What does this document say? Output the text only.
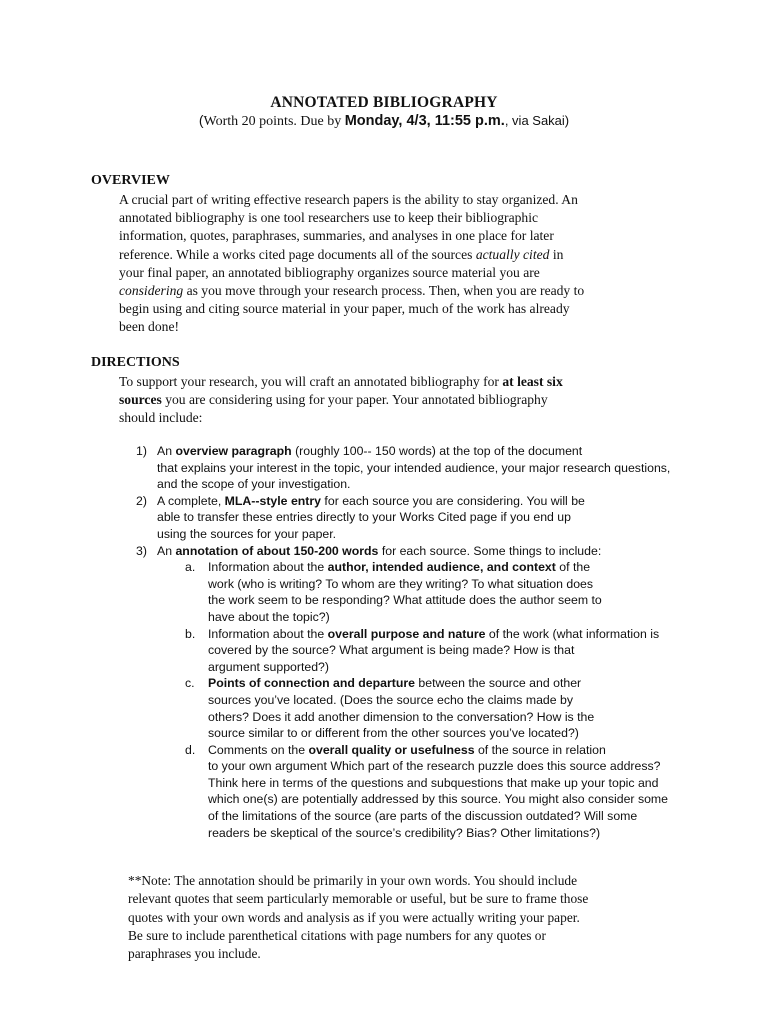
ANNOTATED BIBLIOGRAPHY
(Worth 20 points. Due by Monday, 4/3, 11:55 p.m., via Sakai)
OVERVIEW
A crucial part of writing effective research papers is the ability to stay organized. An
annotated bibliography is one tool researchers use to keep their bibliographic
information, quotes, paraphrases, summaries, and analyses in one place for later
reference. While a works cited page documents all of the sources actually cited in
your final paper, an annotated bibliography organizes source material you are
considering as you move through your research process. Then, when you are ready to
begin using and citing source material in your paper, much of the work has already
been done!
DIRECTIONS
To support your research, you will craft an annotated bibliography for at least six
sources you are considering using for your paper. Your annotated bibliography
should include:
1) An overview paragraph (roughly 100-- 150 words) at the top of the document
that explains your interest in the topic, your intended audience, your major research questions,
and the scope of your investigation.
2) A complete, MLA--style entry for each source you are considering. You will be
able to transfer these entries directly to your Works Cited page if you end up
using the sources for your paper.
3) An annotation of about 150-200 words for each source. Some things to include:
a. Information about the author, intended audience, and context of the
work (who is writing? To whom are they writing? To what situation does
the work seem to be responding? What attitude does the author seem to
have about the topic?)
b. Information about the overall purpose and nature of the work (what information is
covered by the source? What argument is being made? How is that
argument supported?)
c. Points of connection and departure between the source and other
sources you’ve located. (Does the source echo the claims made by
others? Does it add another dimension to the conversation? How is the
source similar to or different from the other sources you’ve located?)
d. Comments on the overall quality or usefulness of the source in relation
to your own argument Which part of the research puzzle does this source address?
Think here in terms of the questions and subquestions that make up your topic and
which one(s) are potentially addressed by this source. You might also consider some
of the limitations of the source (are parts of the discussion outdated? Will some
readers be skeptical of the source’s credibility? Bias? Other limitations?)
**Note: The annotation should be primarily in your own words. You should include
relevant quotes that seem particularly memorable or useful, but be sure to frame those
quotes with your own words and analysis as if you were actually writing your paper.
Be sure to include parenthetical citations with page numbers for any quotes or
paraphrases you include.
